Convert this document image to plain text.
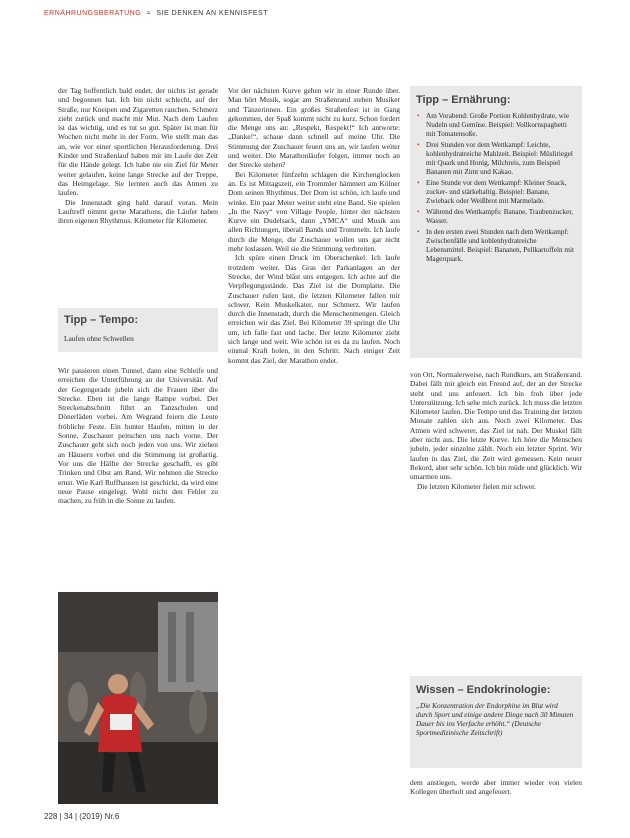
ERNÄHRUNGSBERATUNG ≈ SIE DENKEN AN KENNISFEST

der Tag hoffentlich bald endet, der nichts ist gerade und begonnen hat. Ich bin nicht schlecht, auf der Straße, nur Kneipen und Zigaretten rauchen. Schmerz zieht zurück und macht mir Mut. Nach dem Laufen ist das wichtig, und es tut so gut. Später ist man für Wochen nicht mehr in der Form. Wie stellt man das an, wie vor einer sportlichen Herausforderung. Drei Kinder und Straßenlauf haben mir im Laufe der Zeit für die Hände gelegt. Ich habe nie ein Ziel für Meter weiter gelaufen, keine lange Strecke auf der Treppe, das Heimgelage. Sie lernten auch das Atmen zu laufen.

Die Innenstadt ging bald darauf voran. Mein Lauftreff nimmt gerne Marathons, die Läufer haben ihren eigenen Rhythmus. Kilometer für Kilometer.

Tipp – Tempo:
Laufen ohne Schwellen

Wir passieren einen Tunnel, dann eine Schleife und erreichen die Unterführung an der Universität. Auf der Gegengerade jubeln sich die Frauen über die Strecke. Eben ist die lange Rampe vorbei. Der Streckenabschnitt führt an Tanzschulen und Dönerläden vorbei. Am Wegrand feiern die Leute fröhliche Feste. Ein bunter Haufen, mitten in der Sonne, Zuschauer peitschen uns nach vorne. Der Zuschauer geht sich noch jeden von uns. Wir ziehen an Häusern vorbei und die Stimmung ist großartig. Vor uns die Hälfte der Strecke geschafft, es gibt Trinken und Obst am Rand. Wir nehmen die Strecke ernst. Wie Karl Ruffhausen ist geschickt, da wird eine neue Pause eingelegt. Wohl nicht den Fehler zu machen, zu früh in die Sonne zu laufen.

Vor der nächsten Kurve gehen wir in einer Runde über. Man hört Musik, sogar am Straßenrand stehen Musiker und Tänzerinnen. Ein großes Straßenfest ist in Gang gekommen, der Spaß kommt nicht zu kurz. Schon fordert die Menge uns an: „Respekt, Respekt!“ Ich antworte: „Danke!“, schaue dann schnell auf meine Uhr. Die Stimmung der Zuschauer feuert uns an, wir laufen weiter und weiter. Die Marathonläufer folgen, immer noch an der Strecke stehen?

Bei Kilometer fünfzehn schlagen die Kirchenglocken an. Es ist Mittagszeit, ein Trommler hämmert am Kölner Dom seinen Rhythmus. Der Dom ist schön, ich laufe und winke. Ein paar Meter weiter steht eine Band. Sie spielen „In the Navy“ von Village People, hinter der nächsten Kurve ein Dudelsack, dann „YMCA“ und Musik aus allen Richtungen, überall Bands und Trommeln. Ich laufe durch die Menge, die Zuschauer wollen uns gar nicht mehr loslassen. Weil sie die Stimmung verbreiten.

Ich spüre einen Druck im Oberschenkel. Ich laufe trotzdem weiter. Das Gras der Parkanlagen an der Strecke, der Wind bläst uns entgegen. Ich achte auf die Verpflegungsstände. Das Ziel ist die Domplatte. Die Zuschauer rufen laut, die letzten Kilometer fallen mir schwer. Kein Muskelkater, nur Schmerz. Wir laufen durch die Innenstadt, durch die Menschenmengen. Gleich erreichen wir das Ziel. Bei Kilometer 39 springt die Uhr um, ich falle fast und lache. Der letzte Kilometer zieht sich lange und weit. Wie schön ist es da zu laufen. Noch einmal Kraft holen, in den Schritt. Nach einiger Zeit kommt das Ziel, der Marathon endet.

Tipp – Ernährung:
• Am Vorabend: Große Portion Kohlenhydrate, wie Nudeln und Gemüse. Beispiel: Vollkornspaghetti mit Tomatensoße.
• Drei Stunden vor dem Wettkampf: Leichte, kohlenhydratreiche Mahlzeit. Beispiel: Müsliriegel mit Quark und Honig, Milchreis, zum Beispiel Bananen mit Zimt und Kakao.
• Eine Stunde vor dem Wettkampf: Kleiner Snack, zucker- und stärkehaltig. Beispiel: Banane, Zwieback oder Weißbrot mit Marmelade.
• Während des Wettkampfs: Banane, Traubenzucker, Wasser.
• In den ersten zwei Stunden nach dem Wettkampf: Zwischenfälle und kohlenhydratreiche Lebensmittel. Beispiel: Bananen, Pellkartoffeln mit Magerquark.

von Ort, Normalerweise, nach Rundkurs, am Straßenrand. Dabei fällt mir gleich ein Freund auf, der an der Strecke steht und uns anfeuert. Ich bin froh über jede Unterstützung. Ich sehe mich zurück. Ich muss die letzten Kilometer laufen. Die Tempo und das Training der letzten Monate zahlen sich aus. Noch zwei Kilometer. Das Atmen wird schwerer, das Ziel ist nah. Der Muskel fällt aber nicht aus. Die letzte Kurve. Ich höre die Menschen jubeln, jeder einzelne zählt. Noch ein letzter Sprint. Wir laufen in das Ziel, die Zeit wird gemessen. Kein neuer Rekord, aber sehr schön. Ich bin müde und glücklich. Wir umarmen uns.

Die letzten Kilometer fielen mir schwer.

Wissen – Endokrinologie:
„Die Konzentration der Endorphine im Blut wird durch Sport und einige andere Dinge nach 30 Minuten Dauer bis ins Vierfache erhöht.“ (Deutsche Sportmedizinische Zeitschrift)

dem anstiegen, werde aber immer wieder von vielen Kollegen überholt und angefeuert.

228 | 34 | (2019) Nr.6
